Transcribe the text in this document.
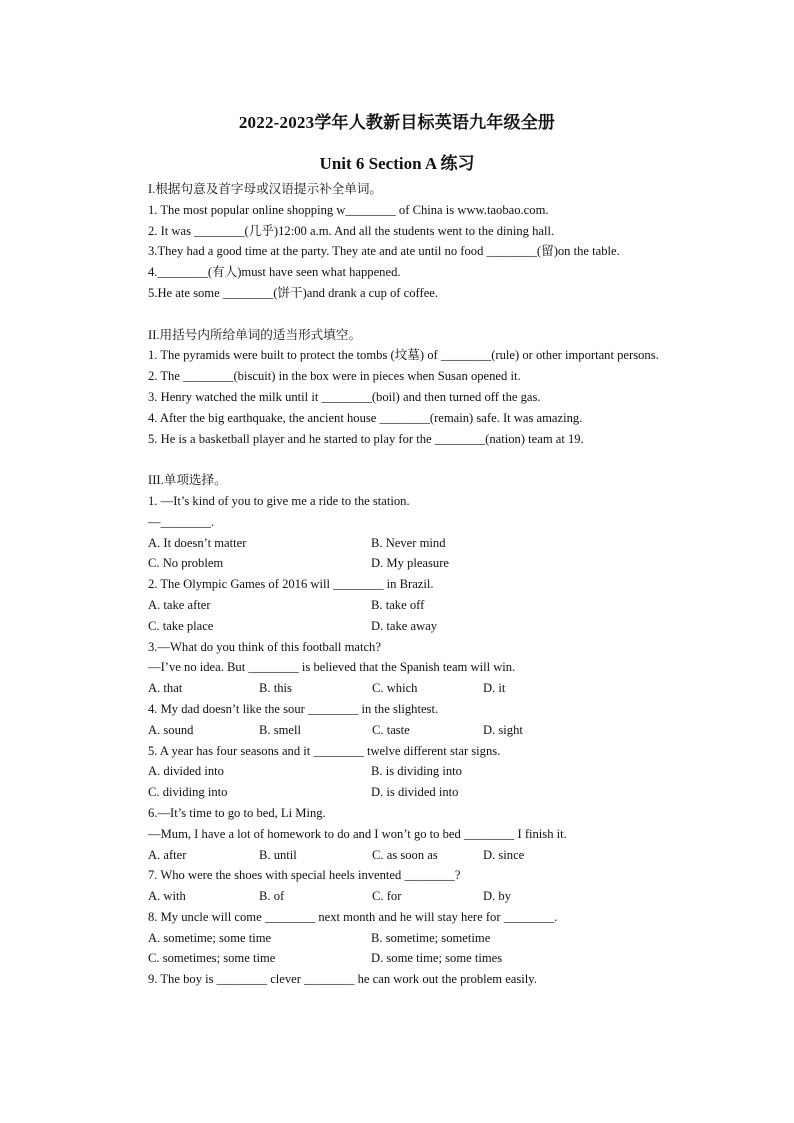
2022-2023学年人教新目标英语九年级全册
Unit 6 Section A 练习
I.根据句意及首字母或汉语提示补全单词。
1. The most popular online shopping w________ of China is www.taobao.com.
2. It was ________(几乎)12:00 a.m. And all the students went to the dining hall.
3.They had a good time at the party. They ate and ate until no food ________(留)on the table.
4.________(有人)must have seen what happened.
5.He ate some ________(饼干)and drank a cup of coffee.
II.用括号内所给单词的适当形式填空。
1. The pyramids were built to protect the tombs (坟墓) of ________(rule) or other important persons.
2. The ________(biscuit) in the box were in pieces when Susan opened it.
3. Henry watched the milk until it ________(boil) and then turned off the gas.
4. After the big earthquake, the ancient house ________(remain) safe. It was amazing.
5. He is a basketball player and he started to play for the ________(nation) team at 19.
III.单项选择。
1. —It’s kind of you to give me a ride to the station.
—________.
A. It doesn’t matter	B. Never mind
C. No problem	D. My pleasure
2. The Olympic Games of 2016 will ________ in Brazil.
A. take after	B. take off
C. take place	D. take away
3.—What do you think of this football match?
—I’ve no idea. But ________ is believed that the Spanish team will win.
A. that	B. this	C. which	D. it
4. My dad doesn’t like the sour ________ in the slightest.
A. sound	B. smell	C. taste	D. sight
5. A year has four seasons and it ________ twelve different star signs.
A. divided into	B. is dividing into
C. dividing into	D. is divided into
6.—It’s time to go to bed, Li Ming.
—Mum, I have a lot of homework to do and I won’t go to bed ________ I finish it.
A. after	B. until	C. as soon as	D. since
7. Who were the shoes with special heels invented ________?
A. with	B. of	C. for	D. by
8. My uncle will come ________ next month and he will stay here for ________.
A. sometime; some time	B. sometime; sometime
C. sometimes; some time	D. some time; some times
9. The boy is ________ clever ________ he can work out the problem easily.
